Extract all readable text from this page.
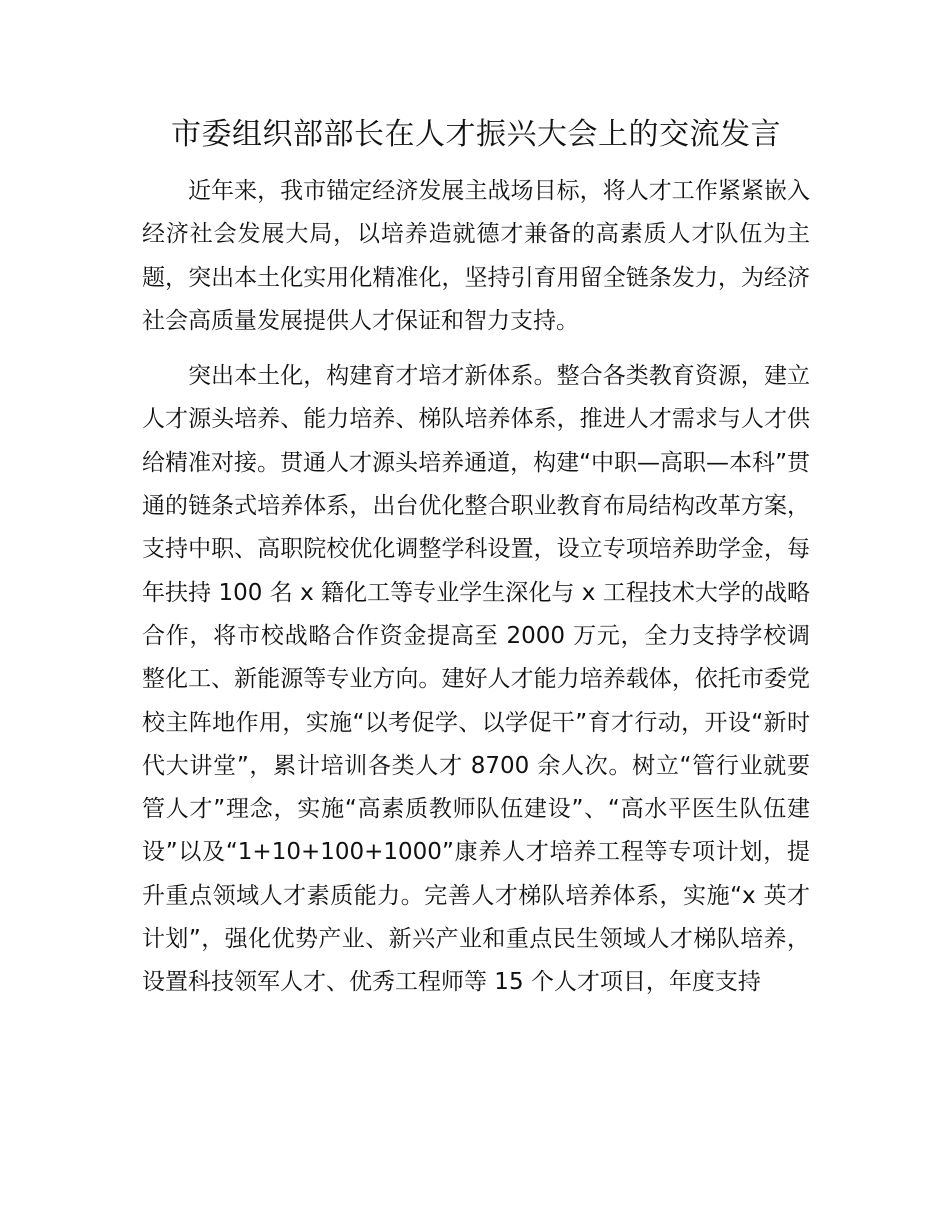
市委组织部部长在人才振兴大会上的交流发言

近年来，我市锚定经济发展主战场目标，将人才工作紧紧嵌入经济社会发展大局，以培养造就德才兼备的高素质人才队伍为主题，突出本土化实用化精准化，坚持引育用留全链条发力，为经济社会高质量发展提供人才保证和智力支持。

突出本土化，构建育才培才新体系。整合各类教育资源，建立人才源头培养、能力培养、梯队培养体系，推进人才需求与人才供给精准对接。贯通人才源头培养通道，构建“中职—高职—本科”贯通的链条式培养体系，出台优化整合职业教育布局结构改革方案，支持中职、高职院校优化调整学科设置，设立专项培养助学金，每年扶持 100 名 x 籍化工等专业学生深化与 x 工程技术大学的战略合作，将市校战略合作资金提高至 2000 万元，全力支持学校调整化工、新能源等专业方向。建好人才能力培养载体，依托市委党校主阵地作用，实施“以考促学、以学促干”育才行动，开设“新时代大讲堂”，累计培训各类人才 8700 余人次。树立“管行业就要管人才”理念，实施“高素质教师队伍建设”、“高水平医生队伍建设”以及“1+10+100+1000”康养人才培养工程等专项计划，提升重点领域人才素质能力。完善人才梯队培养体系，实施“x 英才计划”，强化优势产业、新兴产业和重点民生领域人才梯队培养，设置科技领军人才、优秀工程师等 15 个人才项目，年度支持
